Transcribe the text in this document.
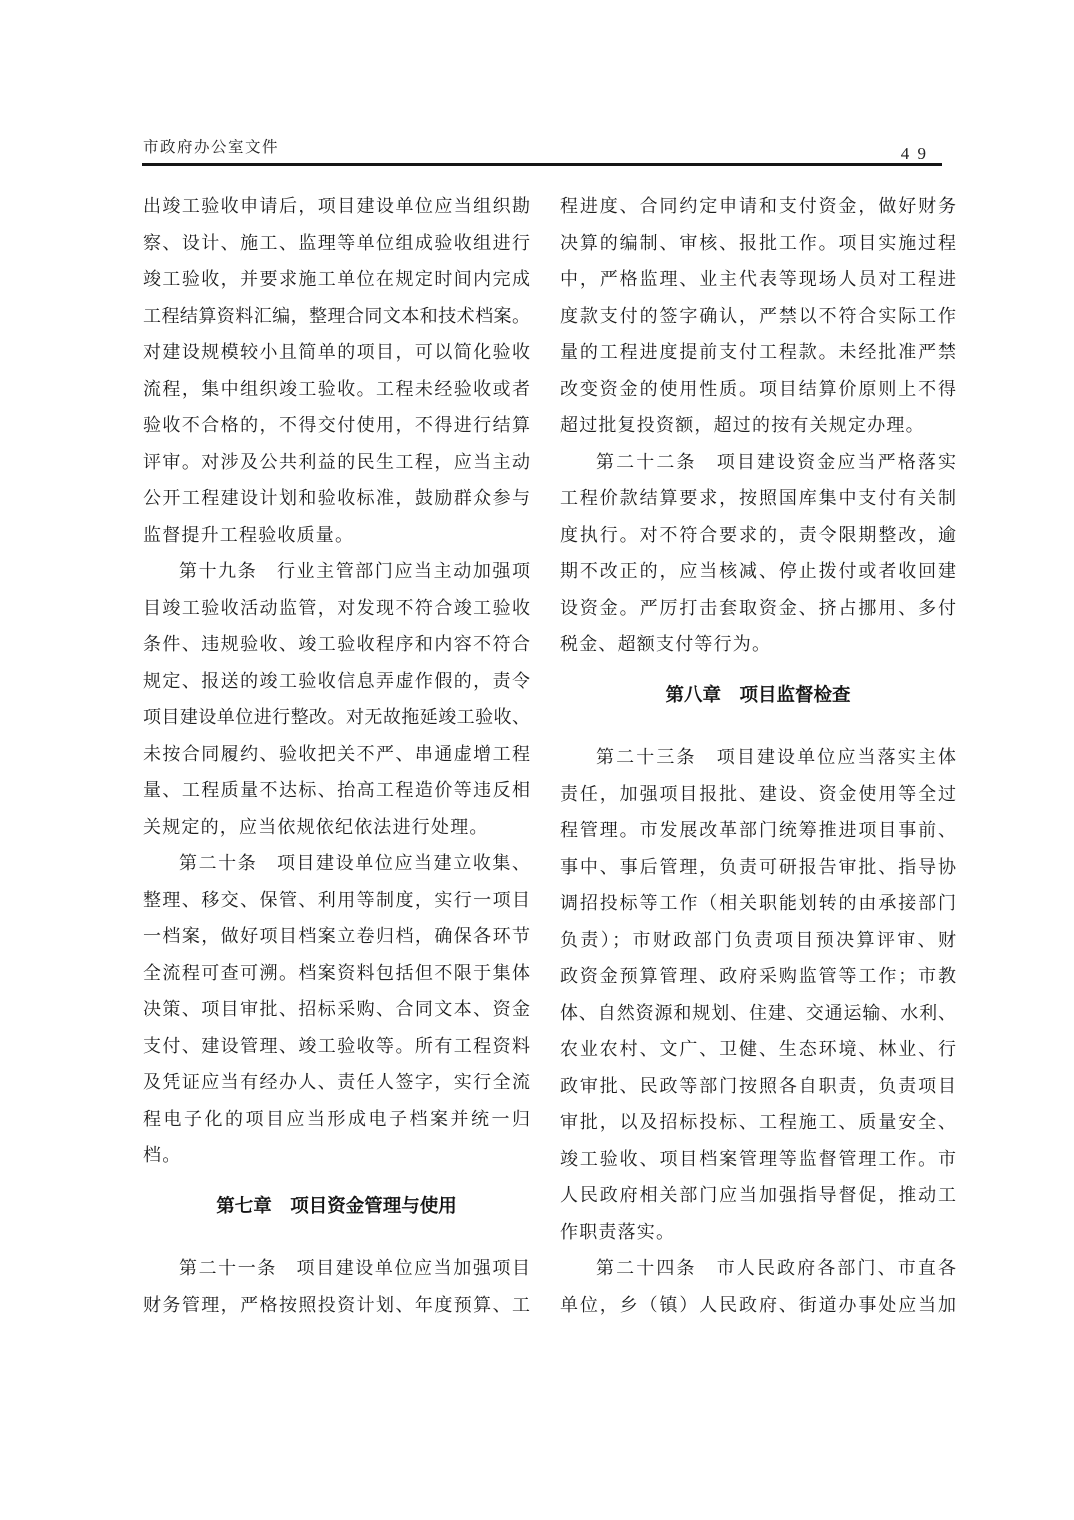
市政府办公室文件	4 9
出竣工验收申请后，项目建设单位应当组织勘
察、设计、施工、监理等单位组成验收组进行
竣工验收，并要求施工单位在规定时间内完成
工程结算资料汇编，整理合同文本和技术档案。
对建设规模较小且简单的项目，可以简化验收
流程，集中组织竣工验收。工程未经验收或者
验收不合格的，不得交付使用，不得进行结算
评审。对涉及公共利益的民生工程，应当主动
公开工程建设计划和验收标准，鼓励群众参与
监督提升工程验收质量。
第十九条　行业主管部门应当主动加强项
目竣工验收活动监管，对发现不符合竣工验收
条件、违规验收、竣工验收程序和内容不符合
规定、报送的竣工验收信息弄虚作假的，责令
项目建设单位进行整改。对无故拖延竣工验收、
未按合同履约、验收把关不严、串通虚增工程
量、工程质量不达标、抬高工程造价等违反相
关规定的，应当依规依纪依法进行处理。
第二十条　项目建设单位应当建立收集、
整理、移交、保管、利用等制度，实行一项目
一档案，做好项目档案立卷归档，确保各环节
全流程可查可溯。档案资料包括但不限于集体
决策、项目审批、招标采购、合同文本、资金
支付、建设管理、竣工验收等。所有工程资料
及凭证应当有经办人、责任人签字，实行全流
程电子化的项目应当形成电子档案并统一归
档。
第七章　项目资金管理与使用
第二十一条　项目建设单位应当加强项目
财务管理，严格按照投资计划、年度预算、工
程进度、合同约定申请和支付资金，做好财务
决算的编制、审核、报批工作。项目实施过程
中，严格监理、业主代表等现场人员对工程进
度款支付的签字确认，严禁以不符合实际工作
量的工程进度提前支付工程款。未经批准严禁
改变资金的使用性质。项目结算价原则上不得
超过批复投资额，超过的按有关规定办理。
第二十二条　项目建设资金应当严格落实
工程价款结算要求，按照国库集中支付有关制
度执行。对不符合要求的，责令限期整改，逾
期不改正的，应当核减、停止拨付或者收回建
设资金。严厉打击套取资金、挤占挪用、多付
税金、超额支付等行为。
第八章　项目监督检查
第二十三条　项目建设单位应当落实主体
责任，加强项目报批、建设、资金使用等全过
程管理。市发展改革部门统筹推进项目事前、
事中、事后管理，负责可研报告审批、指导协
调招投标等工作（相关职能划转的由承接部门
负责）；市财政部门负责项目预决算评审、财
政资金预算管理、政府采购监管等工作；市教
体、自然资源和规划、住建、交通运输、水利、
农业农村、文广、卫健、生态环境、林业、行
政审批、民政等部门按照各自职责，负责项目
审批，以及招标投标、工程施工、质量安全、
竣工验收、项目档案管理等监督管理工作。市
人民政府相关部门应当加强指导督促，推动工
作职责落实。
第二十四条　市人民政府各部门、市直各
单位，乡（镇）人民政府、街道办事处应当加
